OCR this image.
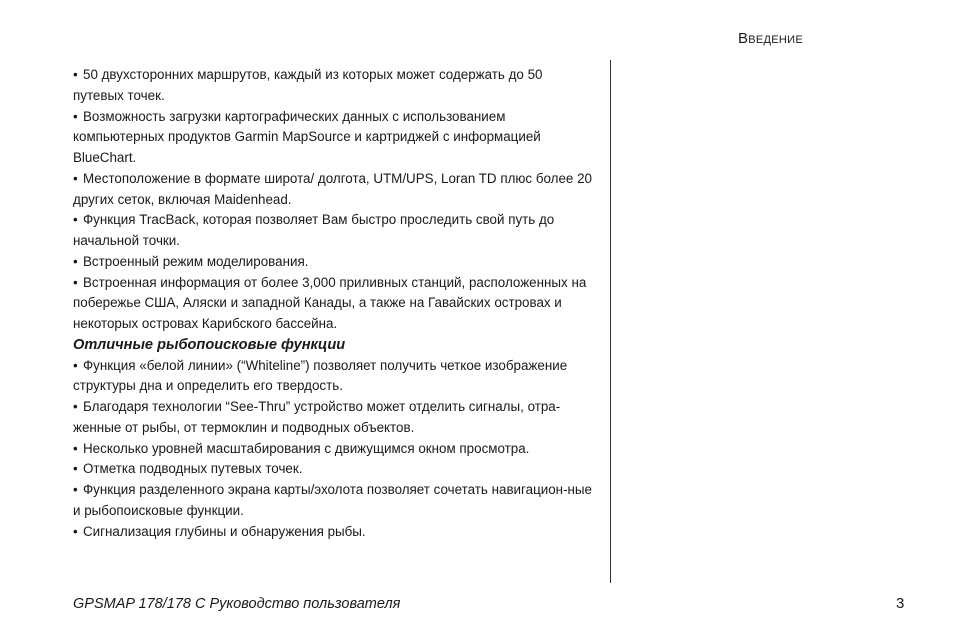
Введение

• 50 двухсторонних маршрутов, каждый из которых может содержать до 50 путевых точек.

• Возможность загрузки картографических данных с использованием компьютерных продуктов Garmin MapSource и картриджей с информацией BlueChart.

• Местоположение в формате широта/ долгота, UTM/UPS, Loran TD плюс более 20 других сеток, включая Maidenhead.

• Функция TracBack, которая позволяет Вам быстро проследить свой путь до начальной точки.

• Встроенный режим моделирования.

• Встроенная информация от более 3,000 приливных станций, расположенных на побережье США, Аляски и западной Канады, а также на Гавайских островах и некоторых островах Карибского бассейна.

Отличные рыбопоисковые функции

• Функция «белой линии» (“Whiteline”) позволяет получить четкое изображение структуры дна и определить его твердость.

• Благодаря технологии “See-Thru” устройство может отделить сигналы, отра-женные от рыбы, от термоклин и подводных объектов.

• Несколько уровней масштабирования с движущимся окном просмотра.

• Отметка подводных путевых точек.

• Функция разделенного экрана карты/эхолота позволяет сочетать навигацион-ные и рыбопоисковые функции.

• Сигнализация глубины и обнаружения рыбы.

GPSMAP 178/178 C Руководство пользователя	3
